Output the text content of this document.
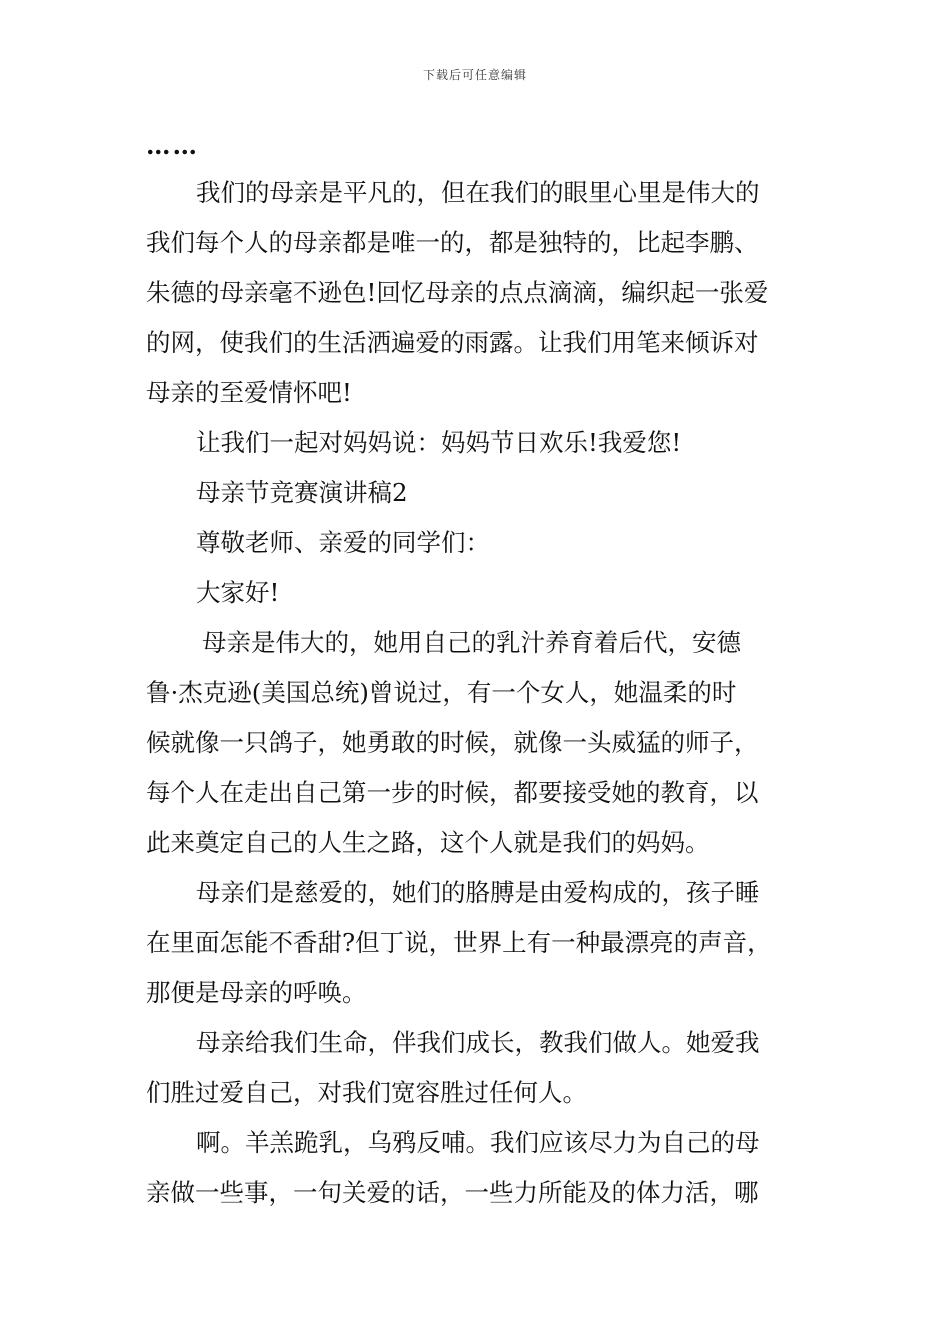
下载后可任意编辑
……
我们的母亲是平凡的，但在我们的眼里心里是伟大的
我们每个人的母亲都是唯一的，都是独特的，比起李鹏、
朱德的母亲毫不逊色!回忆母亲的点点滴滴，编织起一张爱
的网，使我们的生活洒遍爱的雨露。让我们用笔来倾诉对
母亲的至爱情怀吧!
让我们一起对妈妈说：妈妈节日欢乐!我爱您!
母亲节竞赛演讲稿2
尊敬老师、亲爱的同学们：
大家好!
母亲是伟大的，她用自己的乳汁养育着后代，安德
鲁·杰克逊(美国总统)曾说过，有一个女人，她温柔的时
候就像一只鸽子，她勇敢的时候，就像一头威猛的师子，
每个人在走出自己第一步的时候，都要接受她的教育，以
此来奠定自己的人生之路，这个人就是我们的妈妈。
母亲们是慈爱的，她们的胳膊是由爱构成的，孩子睡
在里面怎能不香甜?但丁说，世界上有一种最漂亮的声音，
那便是母亲的呼唤。
母亲给我们生命，伴我们成长，教我们做人。她爱我
们胜过爱自己，对我们宽容胜过任何人。
啊。羊羔跪乳，乌鸦反哺。我们应该尽力为自己的母
亲做一些事，一句关爱的话，一些力所能及的体力活，哪
